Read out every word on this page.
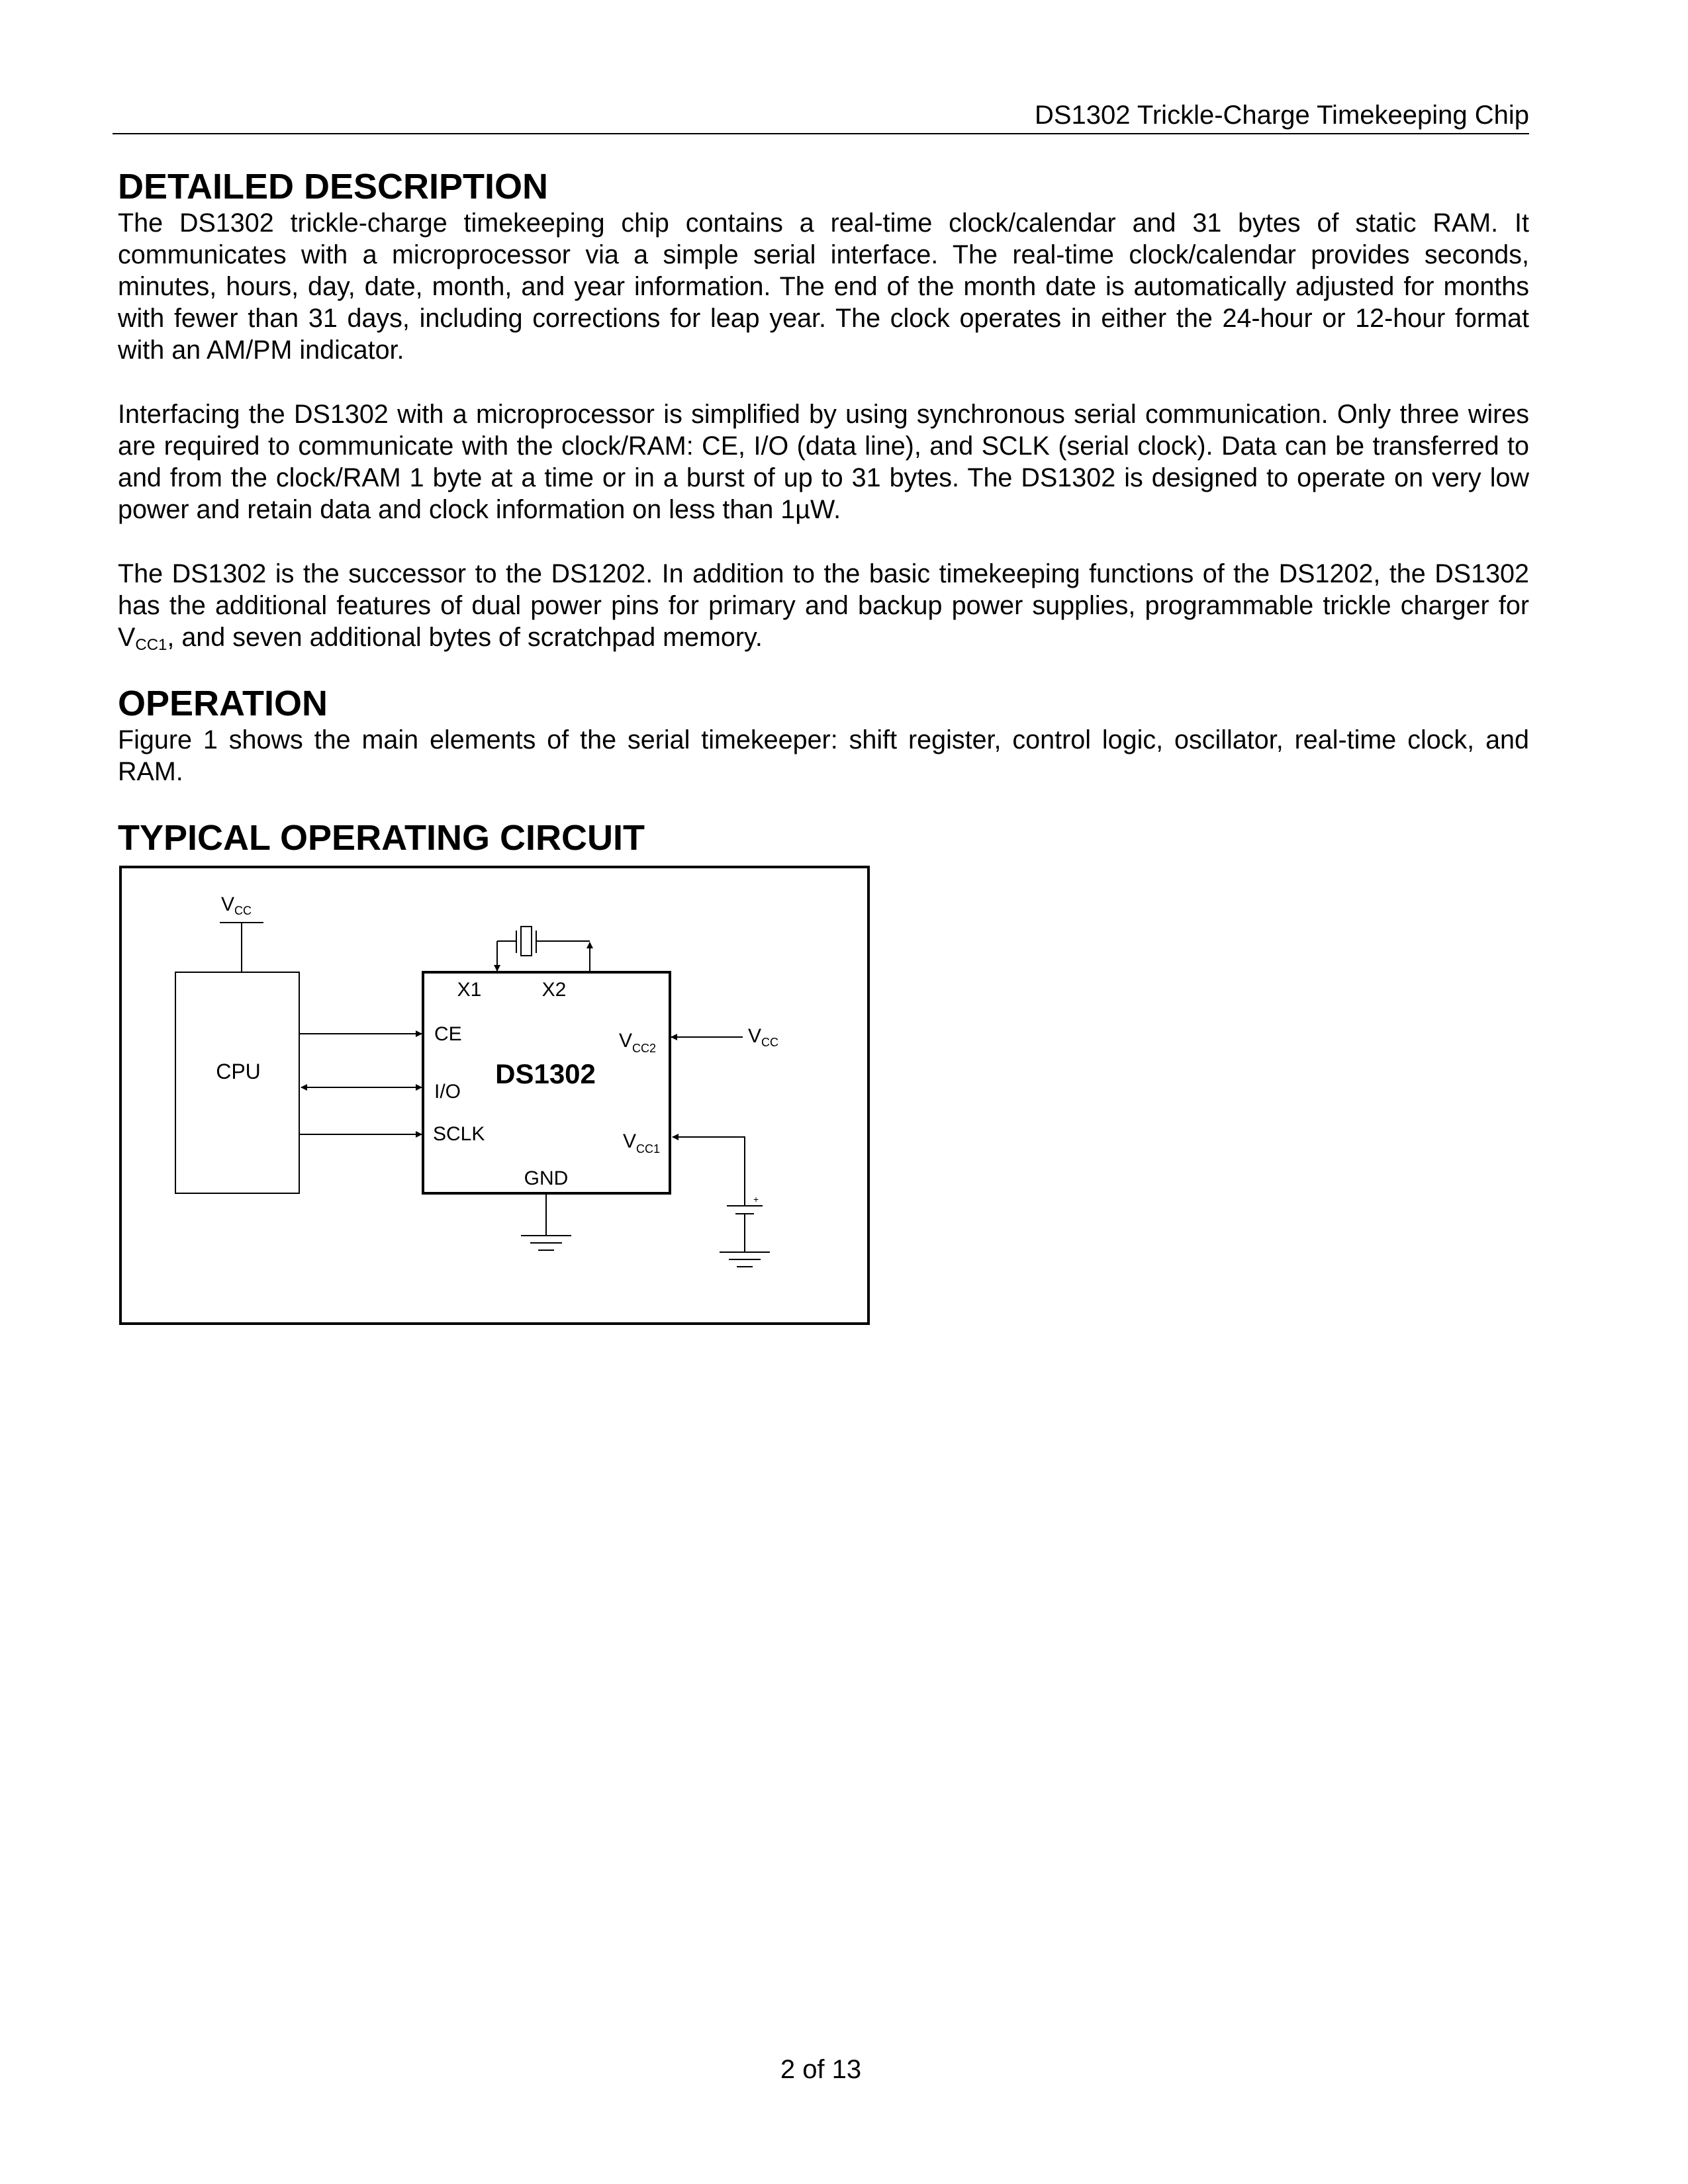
DS1302 Trickle-Charge Timekeeping Chip
DETAILED DESCRIPTION

The DS1302 trickle-charge timekeeping chip contains a real-time clock/calendar and 31 bytes of static RAM. It communicates with a microprocessor via a simple serial interface. The real-time clock/calendar provides seconds, minutes, hours, day, date, month, and year information. The end of the month date is automatically adjusted for months with fewer than 31 days, including corrections for leap year. The clock operates in either the 24-hour or 12-hour format with an AM/PM indicator.

Interfacing the DS1302 with a microprocessor is simplified by using synchronous serial communication. Only three wires are required to communicate with the clock/RAM: CE, I/O (data line), and SCLK (serial clock). Data can be transferred to and from the clock/RAM 1 byte at a time or in a burst of up to 31 bytes. The DS1302 is designed to operate on very low power and retain data and clock information on less than 1µW.

The DS1302 is the successor to the DS1202. In addition to the basic timekeeping functions of the DS1202, the DS1302 has the additional features of dual power pins for primary and backup power supplies, programmable trickle charger for $V_{CC1}$, and seven additional bytes of scratchpad memory.

OPERATION

Figure 1 shows the main elements of the serial timekeeper: shift register, control logic, oscillator, real-time clock, and RAM.

TYPICAL OPERATING CIRCUIT
$V_{CC}$
CPU	DS1302
X1	X2
CE
I/O
SCLK
GND
$V_{CC2}$
$V_{CC1}$
$V_{CC}$
+
2 of 13
